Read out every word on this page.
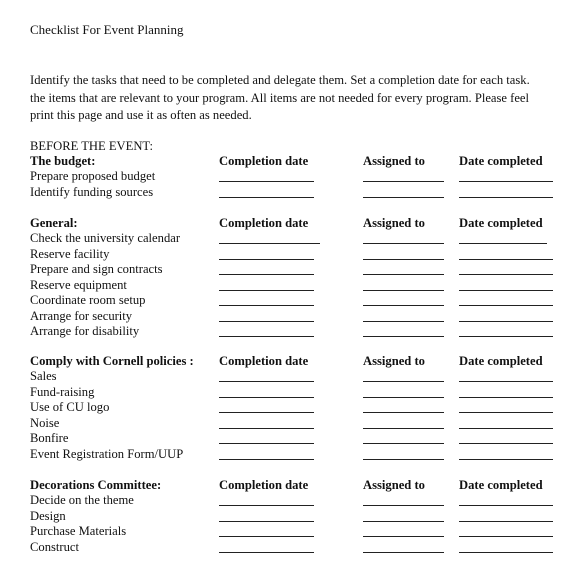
Checklist For Event Planning
Identify the tasks that need to be completed and delegate them. Set a completion date for each task.
the items that are relevant to your program. All items are not needed for every program. Please feel
print this page and use it as often as needed.
BEFORE THE EVENT:
The budget:	Completion date	Assigned to	Date completed
Prepare proposed budget
Identify funding sources
General:	Completion date	Assigned to	Date completed
Check the university calendar
Reserve facility
Prepare and sign contracts
Reserve equipment
Coordinate room setup
Arrange for security
Arrange for disability
Comply with Cornell policies : Completion date	Assigned to	Date completed
Sales
Fund-raising
Use of CU logo
Noise
Bonfire
Event Registration Form/UUP
Decorations Committee:	Completion date	Assigned to	Date completed
Decide on the theme
Design
Purchase Materials
Construct
